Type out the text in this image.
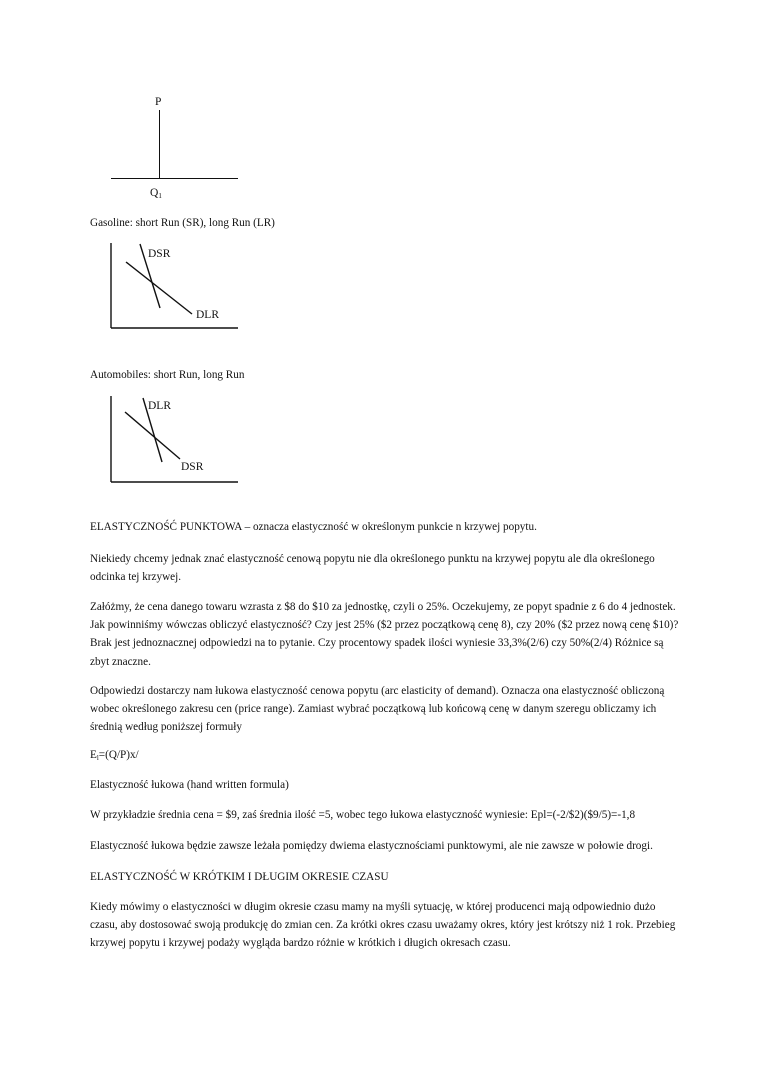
P
$Q_1$

Gasoline: short Run (SR), long Run (LR)

DSR
DLR

Automobiles: short Run, long Run

DLR
DSR

ELASTYCZNOŚĆ PUNKTOWA – oznacza elastyczność w określonym punkcie n krzywej popytu.

Niekiedy chcemy jednak znać elastyczność cenową popytu nie dla określonego punktu na krzywej popytu ale dla określonego odcinka tej krzywej.

Załóżmy, że cena danego towaru wzrasta z $8 do $10 za jednostkę, czyli o 25%. Oczekujemy, ze popyt spadnie z 6 do 4 jednostek. Jak powinniśmy wówczas obliczyć elastyczność? Czy jest 25% ($2 przez początkową cenę 8), czy 20% ($2 przez nową cenę $10)? Brak jest jednoznacznej odpowiedzi na to pytanie. Czy procentowy spadek ilości wyniesie 33,3%(2/6) czy 50%(2/4) Różnice są zbyt znaczne.

Odpowiedzi dostarczy nam łukowa elastyczność cenowa popytu (arc elasticity of demand). Oznacza ona elastyczność obliczoną wobec określonego zakresu cen (price range). Zamiast wybrać początkową lub końcową cenę w danym szeregu obliczamy ich średnią według poniższej formuły

$E_l=(Q/P)x/$

Elastyczność łukowa (hand written formula)

W przykładzie średnia cena = $9, zaś średnia ilość =5, wobec tego łukowa elastyczność wyniesie: Epl=(-2/$2)($9/5)=-1,8

Elastyczność łukowa będzie zawsze leżała pomiędzy dwiema elastycznościami punktowymi, ale nie zawsze w połowie drogi.

ELASTYCZNOŚĆ W KRÓTKIM I DŁUGIM OKRESIE CZASU

Kiedy mówimy o elastyczności w długim okresie czasu mamy na myśli sytuację, w której producenci mają odpowiednio dużo czasu, aby dostosować swoją produkcję do zmian cen. Za krótki okres czasu uważamy okres, który jest krótszy niż 1 rok. Przebieg krzywej popytu i krzywej podaży wygląda bardzo różnie w krótkich i długich okresach czasu.
